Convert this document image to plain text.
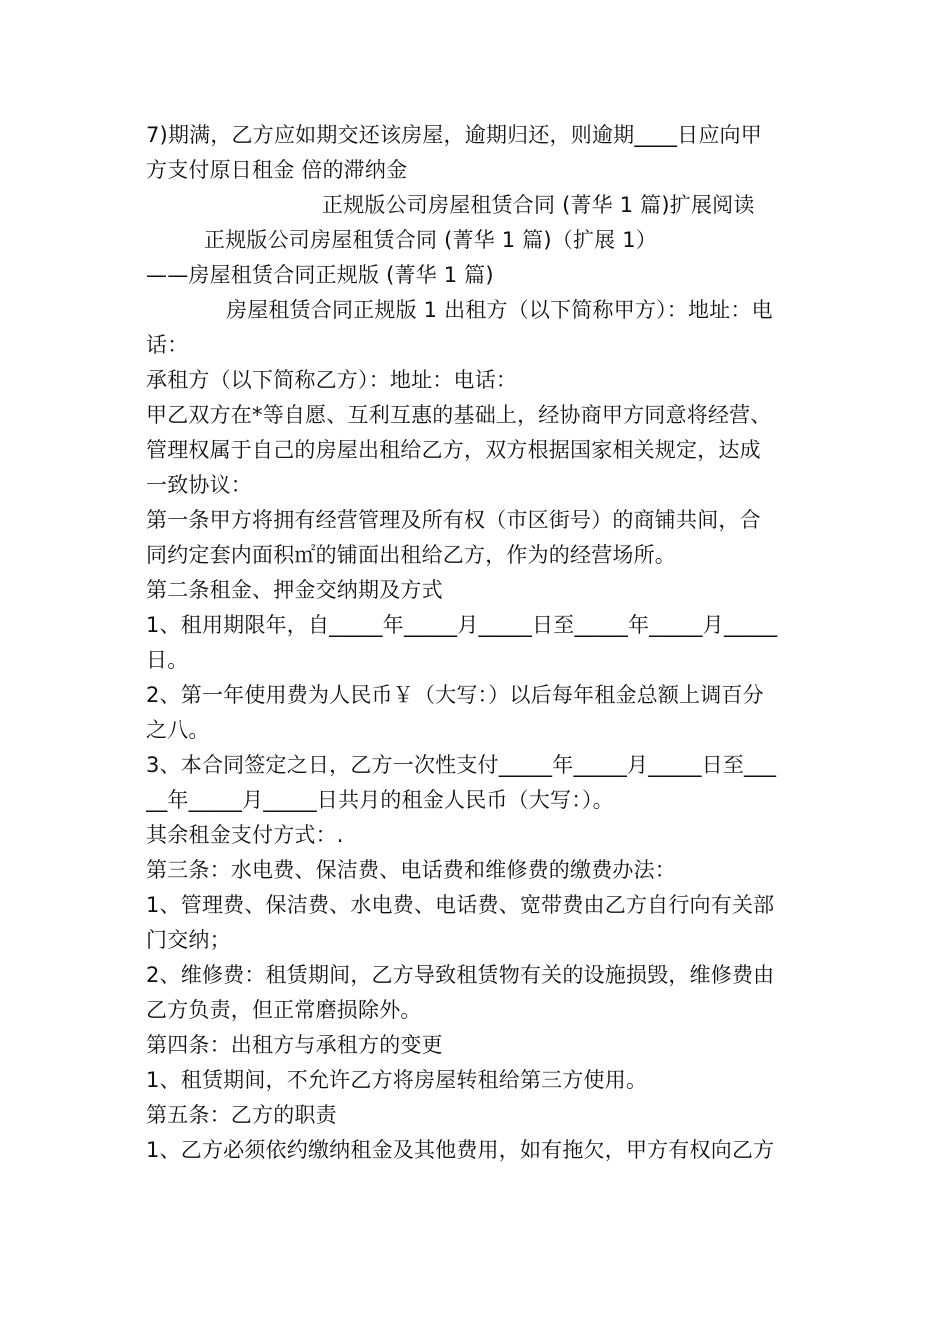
7)期满，乙方应如期交还该房屋，逾期归还，则逾期____日应向甲
方支付原日租金 倍的滞纳金
正规版公司房屋租赁合同 (菁华 1 篇)扩展阅读
正规版公司房屋租赁合同 (菁华 1 篇)（扩展 1）
——房屋租赁合同正规版 (菁华 1 篇)
房屋租赁合同正规版 1 出租方（以下简称甲方）：地址：电
话：
承租方（以下简称乙方）：地址：电话：
甲乙双方在*等自愿、互利互惠的基础上，经协商甲方同意将经营、
管理权属于自己的房屋出租给乙方，双方根据国家相关规定，达成
一致协议：
第一条甲方将拥有经营管理及所有权（市区街号）的商铺共间，合
同约定套内面积㎡的铺面出租给乙方，作为的经营场所。
第二条租金、押金交纳期及方式
1、租用期限年，自_____年_____月_____日至_____年_____月_____
日。
2、第一年使用费为人民币￥（大写：）以后每年租金总额上调百分
之八。
3、本合同签定之日，乙方一次性支付_____年_____月_____日至___
__年_____月_____日共月的租金人民币（大写：）。
其余租金支付方式：.
第三条：水电费、保洁费、电话费和维修费的缴费办法：
1、管理费、保洁费、水电费、电话费、宽带费由乙方自行向有关部
门交纳；
2、维修费：租赁期间，乙方导致租赁物有关的设施损毁，维修费由
乙方负责，但正常磨损除外。
第四条：出租方与承租方的变更
1、租赁期间，不允许乙方将房屋转租给第三方使用。
第五条：乙方的职责
1、乙方必须依约缴纳租金及其他费用，如有拖欠，甲方有权向乙方
